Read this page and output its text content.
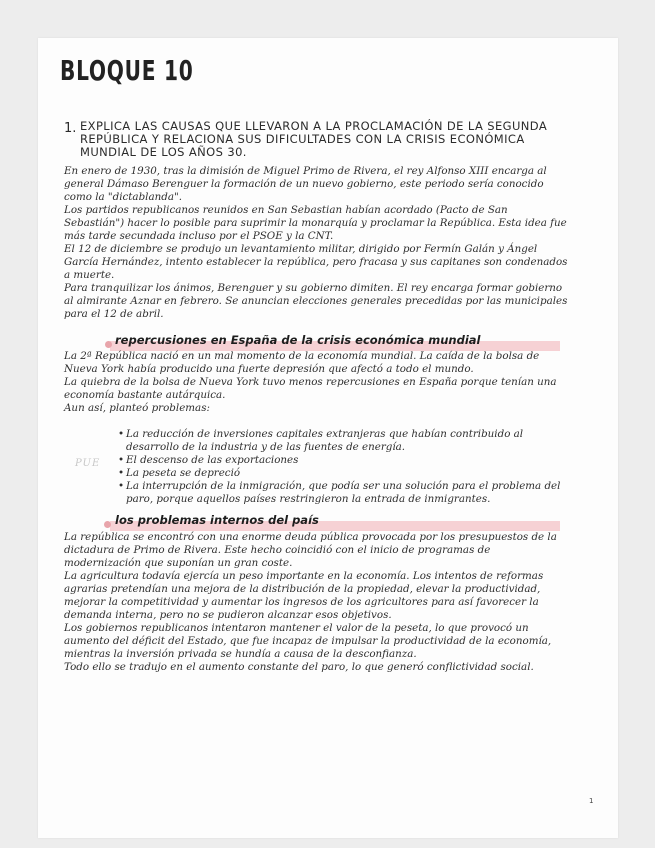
BLOQUE 10
1. EXPLICA LAS CAUSAS QUE LLEVARON A LA PROCLAMACIÓN DE LA SEGUNDA REPÚBLICA Y RELACIONA SUS DIFICULTADES CON LA CRISIS ECONÓMICA MUNDIAL DE LOS AÑOS 30.

En enero de 1930, tras la dimisión de Miguel Primo de Rivera, el rey Alfonso XIII encarga al general Dámaso Berenguer la formación de un nuevo gobierno, este periodo sería conocido como la "dictablanda".

Los partidos republicanos reunidos en San Sebastian habían acordado (Pacto de San Sebastián") hacer lo posible para suprimir la monarquía y proclamar la República. Esta idea fue más tarde secundada incluso por el PSOE y la CNT.

El 12 de diciembre se produjo un levantamiento militar, dirigido por Fermín Galán y Ángel García Hernández, intento establecer la república, pero fracasa y sus capitanes son condenados a muerte.

Para tranquilizar los ánimos, Berenguer y su gobierno dimiten. El rey encarga formar gobierno al almirante Aznar en febrero. Se anuncian elecciones generales precedidas por las municipales para el 12 de abril.

repercusiones en España de la crisis económica mundial

La 2ª República nació en un mal momento de la economía mundial. La caída de la bolsa de Nueva York había producido una fuerte depresión que afectó a todo el mundo.

La quiebra de la bolsa de Nueva York tuvo menos repercusiones en España porque tenían una economía bastante autárquica.

Aun así, planteó problemas:

• La reducción de inversiones capitales extranjeras que habían contribuido al desarrollo de la industria y de las fuentes de energía.
• El descenso de las exportaciones
• La peseta se depreció
• La interrupción de la inmigración, que podía ser una solución para el problema del paro, porque aquellos países restringieron la entrada de inmigrantes.
PUE
los problemas internos del país

La república se encontró con una enorme deuda pública provocada por los presupuestos de la dictadura de Primo de Rivera. Este hecho coincidió con el inicio de programas de modernización que suponían un gran coste.

La agricultura todavía ejercía un peso importante en la economía. Los intentos de reformas agrarias pretendían una mejora de la distribución de la propiedad, elevar la productividad, mejorar la competitividad y aumentar los ingresos de los agricultores para así favorecer la demanda interna, pero no se pudieron alcanzar esos objetivos.

Los gobiernos republicanos intentaron mantener el valor de la peseta, lo que provocó un aumento del déficit del Estado, que fue incapaz de impulsar la productividad de la economía, mientras la inversión privada se hundía a causa de la desconfianza.

Todo ello se tradujo en el aumento constante del paro, lo que generó conflictividad social.

1
